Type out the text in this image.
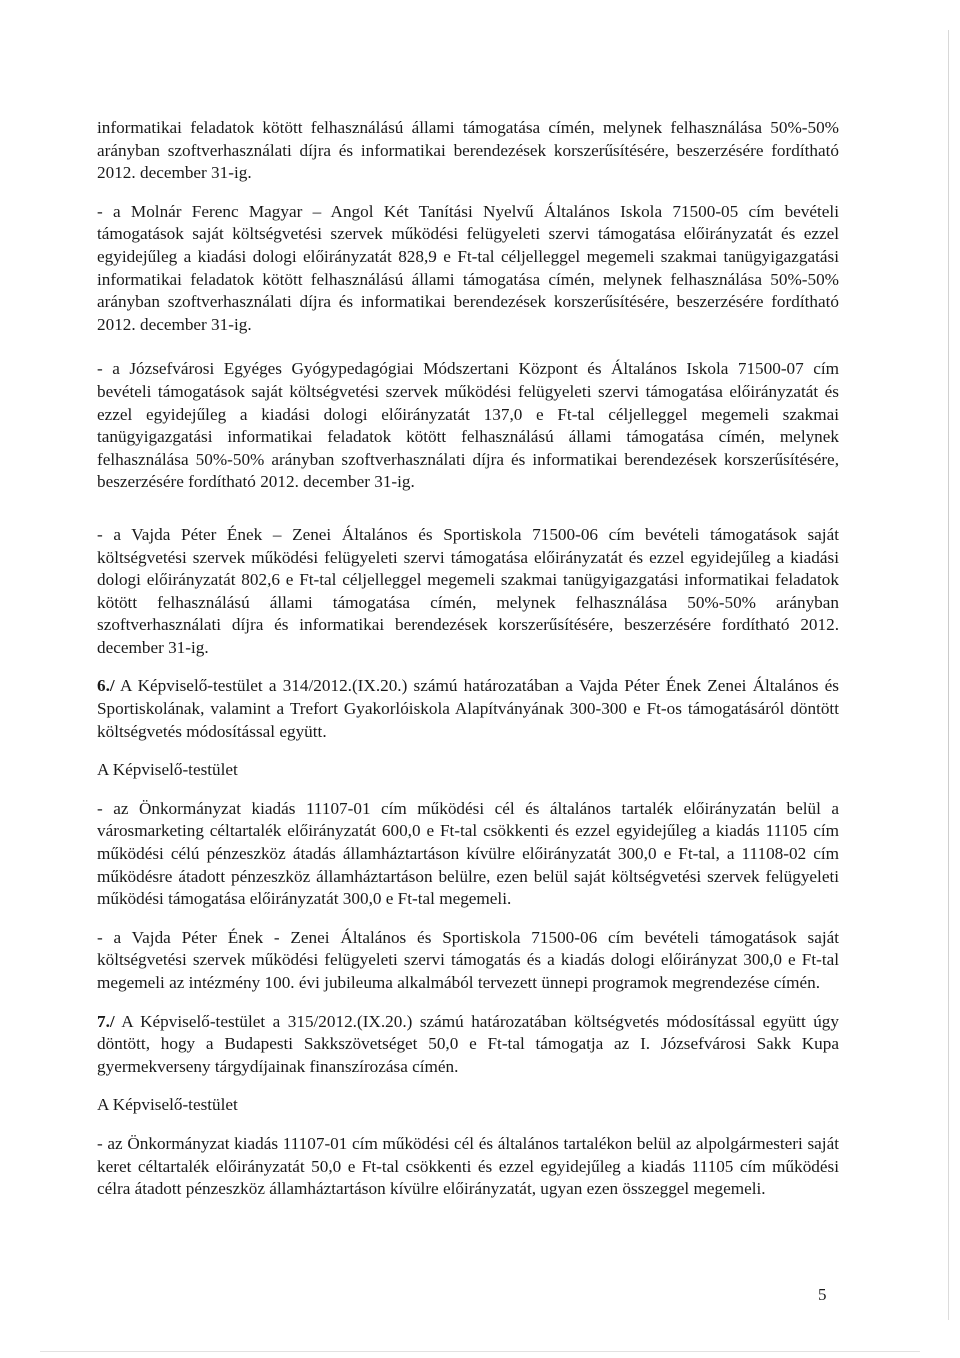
informatikai feladatok kötött felhasználású állami támogatása címén, melynek felhasználása 50%-50% arányban szoftverhasználati díjra és informatikai berendezések korszerűsítésére, beszerzésére fordítható 2012. december 31-ig.

- a Molnár Ferenc Magyar – Angol Két Tanítási Nyelvű Általános Iskola 71500-05 cím bevételi támogatások saját költségvetési szervek működési felügyeleti szervi támogatása előirányzatát és ezzel egyidejűleg a kiadási dologi előirányzatát 828,9 e Ft-tal céljelleggel megemeli szakmai tanügyigazgatási informatikai feladatok kötött felhasználású állami támogatása címén, melynek felhasználása 50%-50% arányban szoftverhasználati díjra és informatikai berendezések korszerűsítésére, beszerzésére fordítható 2012. december 31-ig.

- a Józsefvárosi Egyéges Gyógypedagógiai Módszertani Központ és Általános Iskola 71500-07 cím bevételi támogatások saját költségvetési szervek működési felügyeleti szervi támogatása előirányzatát és ezzel egyidejűleg a kiadási dologi előirányzatát 137,0 e Ft-tal céljelleggel megemeli szakmai tanügyigazgatási informatikai feladatok kötött felhasználású állami támogatása címén, melynek felhasználása 50%-50% arányban szoftverhasználati díjra és informatikai berendezések korszerűsítésére, beszerzésére fordítható 2012. december 31-ig.

- a Vajda Péter Ének – Zenei Általános és Sportiskola 71500-06 cím bevételi támogatások saját költségvetési szervek működési felügyeleti szervi támogatása előirányzatát és ezzel egyidejűleg a kiadási dologi előirányzatát 802,6 e Ft-tal céljelleggel megemeli szakmai tanügyigazgatási informatikai feladatok kötött felhasználású állami támogatása címén, melynek felhasználása 50%-50% arányban szoftverhasználati díjra és informatikai berendezések korszerűsítésére, beszerzésére fordítható 2012. december 31-ig.

6./ A Képviselő-testület a 314/2012.(IX.20.) számú határozatában a Vajda Péter Ének Zenei Általános és Sportiskolának, valamint a Trefort Gyakorlóiskola Alapítványának 300-300 e Ft-os támogatásáról döntött költségvetés módosítással együtt.

A Képviselő-testület

- az Önkormányzat kiadás 11107-01 cím működési cél és általános tartalék előirányzatán belül a városmarketing céltartalék előirányzatát 600,0 e Ft-tal csökkenti és ezzel egyidejűleg a kiadás 11105 cím működési célú pénzeszköz átadás államháztartáson kívülre előirányzatát 300,0 e Ft-tal, a 11108-02 cím működésre átadott pénzeszköz államháztartáson belülre, ezen belül saját költségvetési szervek felügyeleti működési támogatása előirányzatát 300,0 e Ft-tal megemeli.

- a Vajda Péter Ének - Zenei Általános és Sportiskola 71500-06 cím bevételi támogatások saját költségvetési szervek működési felügyeleti szervi támogatás és a kiadás dologi előirányzat 300,0 e Ft-tal megemeli az intézmény 100. évi jubileuma alkalmából tervezett ünnepi programok megrendezése címén.

7./ A Képviselő-testület a 315/2012.(IX.20.) számú határozatában költségvetés módosítással együtt úgy döntött, hogy a Budapesti Sakkszövetséget 50,0 e Ft-tal támogatja az I. Józsefvárosi Sakk Kupa gyermekverseny tárgydíjainak finanszírozása címén.

A Képviselő-testület

- az Önkormányzat kiadás 11107-01 cím működési cél és általános tartalékon belül az alpolgármesteri saját keret céltartalék előirányzatát 50,0 e Ft-tal csökkenti és ezzel egyidejűleg a kiadás 11105 cím működési célra átadott pénzeszköz államháztartáson kívülre előirányzatát, ugyan ezen összeggel megemeli.

5
